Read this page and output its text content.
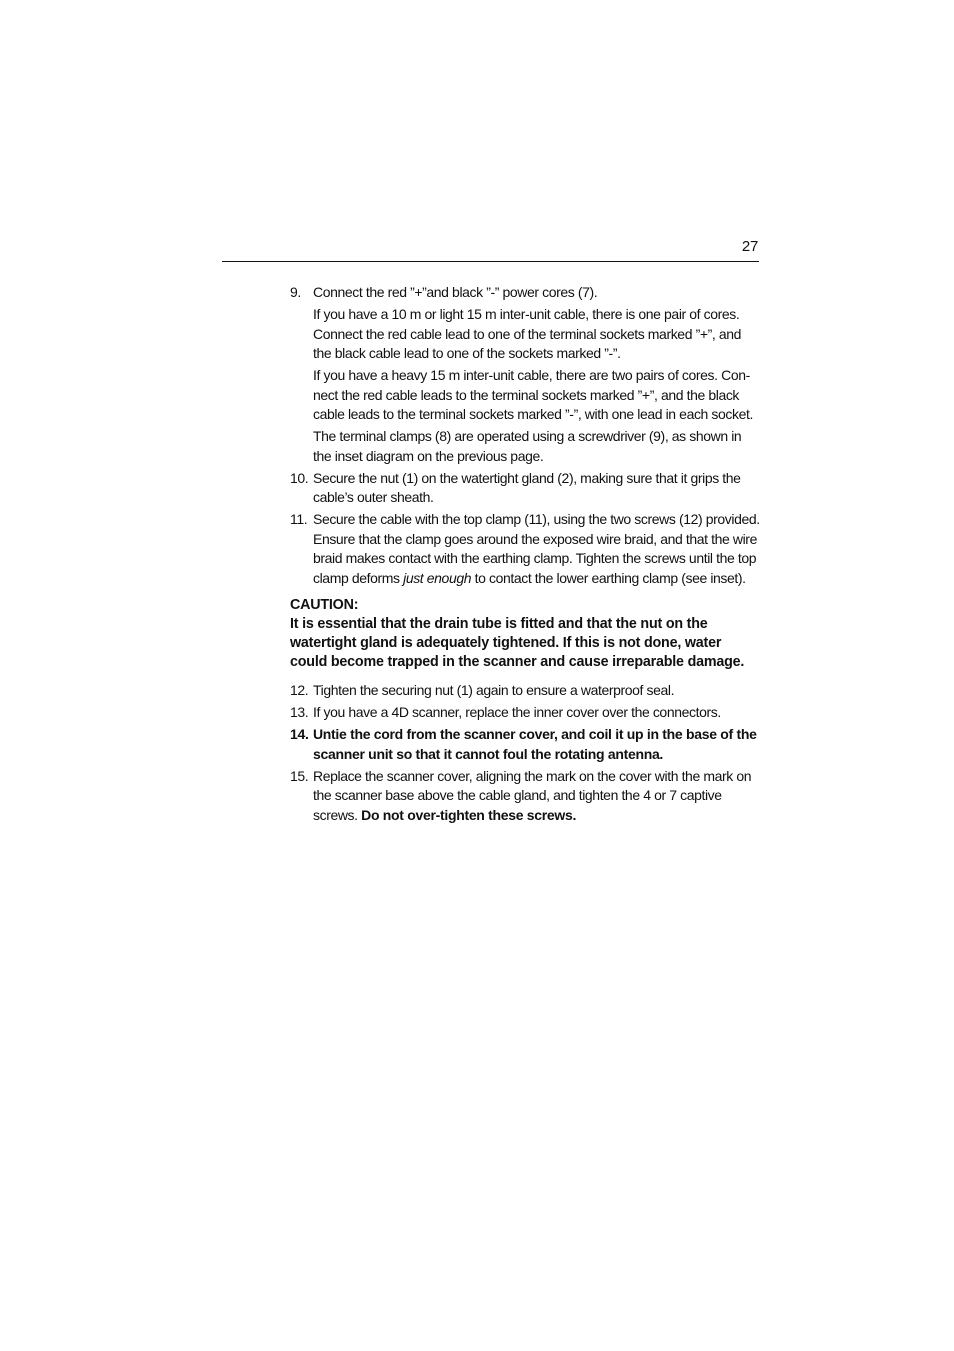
27
9. Connect the red ”+”and black ”-” power cores (7).

If you have a 10 m or light 15 m inter-unit cable, there is one pair of cores. Connect the red cable lead to one of the terminal sockets marked ”+”, and the black cable lead to one of the sockets marked ”-”.

If you have a heavy 15 m inter-unit cable, there are two pairs of cores. Con-nect the red cable leads to the terminal sockets marked ”+”, and the black cable leads to the terminal sockets marked ”-”, with one lead in each socket.

The terminal clamps (8) are operated using a screwdriver (9), as shown in the inset diagram on the previous page.

10. Secure the nut (1) on the watertight gland (2), making sure that it grips the cable’s outer sheath.

11. Secure the cable with the top clamp (11), using the two screws (12) provided. Ensure that the clamp goes around the exposed wire braid, and that the wire braid makes contact with the earthing clamp. Tighten the screws until the top clamp deforms just enough to contact the lower earthing clamp (see inset).

CAUTION:
It is essential that the drain tube is fitted and that the nut on the watertight gland is adequately tightened. If this is not done, water could become trapped in the scanner and cause irreparable damage.
12. Tighten the securing nut (1) again to ensure a waterproof seal.

13. If you have a 4D scanner, replace the inner cover over the connectors.

14. Untie the cord from the scanner cover, and coil it up in the base of the scanner unit so that it cannot foul the rotating antenna.

15. Replace the scanner cover, aligning the mark on the cover with the mark on the scanner base above the cable gland, and tighten the 4 or 7 captive screws. Do not over-tighten these screws.
